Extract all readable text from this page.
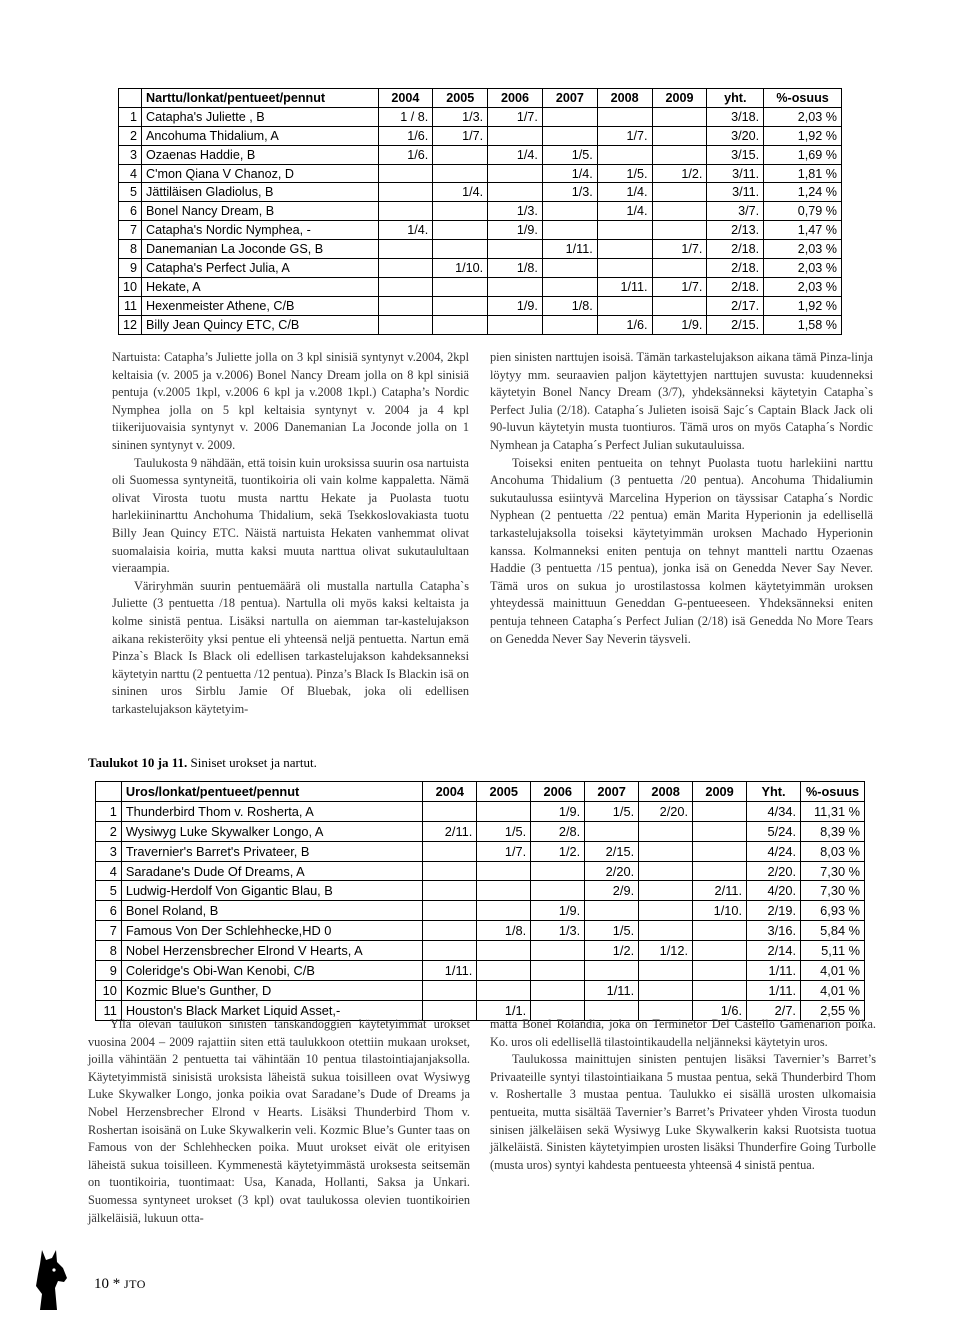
	Narttu/lonkat/pentueet/pennut	2004	2005	2006	2007	2008	2009	yht.	%-osuus
1	Catapha's Juliette , B	1 / 8.	1/3.	1/7.				3/18.	2,03 %
2	Ancohuma Thidalium, A	1/6.	1/7.			1/7.		3/20.	1,92 %
3	Ozaenas Haddie, B	1/6.		1/4.	1/5.			3/15.	1,69 %
4	C'mon Qiana V Chanoz, D				1/4.	1/5.	1/2.	3/11.	1,81 %
5	Jättiläisen Gladiolus, B		1/4.		1/3.	1/4.		3/11.	1,24 %
6	Bonel Nancy Dream, B			1/3.		1/4.		3/7.	0,79 %
7	Catapha's Nordic Nymphea, -	1/4.		1/9.				2/13.	1,47 %
8	Danemanian La Joconde GS, B				1/11.		1/7.	2/18.	2,03 %
9	Catapha's Perfect Julia, A		1/10.	1/8.				2/18.	2,03 %
10	Hekate, A					1/11.	1/7.	2/18.	2,03 %
11	Hexenmeister Athene, C/B			1/9.	1/8.			2/17.	1,92 %
12	Billy Jean Quincy ETC, C/B					1/6.	1/9.	2/15.	1,58 %

Nartuista: Catapha’s Juliette jolla on 3 kpl sinisiä syntynyt v.2004, 2kpl keltaisia (v. 2005 ja v.2006) Bonel Nancy Dream jolla on 8 kpl sinisiä pentuja (v.2005 1kpl, v.2006 6 kpl ja v.2008 1kpl.) Catapha’s Nordic Nymphea jolla on 5 kpl keltaisia syntynyt v. 2004 ja 4 kpl tiikerijuovaisia syntynyt v. 2006 Danemanian La Joconde jolla on 1 sininen syntynyt v. 2009.

Taulukosta 9 nähdään, että toisin kuin uroksissa suurin osa nartuista oli Suomessa syntyneitä, tuontikoiria oli vain kolme kappaletta. Nämä olivat Virosta tuotu musta narttu Hekate ja Puolasta tuotu harlekiininarttu Anchohuma Thidalium, sekä Tsekkoslovakiasta tuotu Billy Jean Quincy ETC. Näistä nartuista Hekaten vanhemmat olivat suomalaisia koiria, mutta kaksi muuta narttua olivat sukutaulultaan vieraampia.

Väriryhmän suurin pentuemäärä oli mustalla nartulla Catapha`s Juliette (3 pentuetta /18 pentua). Nartulla oli myös kaksi keltaista ja kolme sinistä pentua. Lisäksi nartulla on aiemman tar-kastelujakson aikana rekisteröity yksi pentue eli yhteensä neljä pentuetta. Nartun emä Pinza`s Black Is Black oli edellisen tarkastelujakson kahdeksanneksi käytetyin narttu (2 pentuetta /12 pentua). Pinza’s Black Is Blackin isä on sininen uros Sirblu Jamie Of Bluebak, joka oli edellisen tarkastelujakson käytetyim-

pien sinisten narttujen isoisä. Tämän tarkastelujakson aikana tämä Pinza-linja löytyy mm. seuraavien paljon käytettyjen narttujen suvusta: kuudenneksi käytetyin Bonel Nancy Dream (3/7), yhdeksänneksi käytetyin Catapha`s Perfect Julia (2/18). Catapha´s Julieten isoisä Sajc´s Captain Black Jack oli 90-luvun käytetyin musta tuontiuros. Tämä uros on myös Catapha´s Nordic Nymhean ja Catapha´s Perfect Julian sukutauluissa.

Toiseksi eniten pentueita on tehnyt Puolasta tuotu harlekiini narttu Ancohuma Thidalium (3 pentuetta /20 pentua). Ancohuma Thidaliumin sukutaulussa esiintyvä Marcelina Hyperion on täyssisar Catapha´s Nordic Nyphean (2 pentuetta /22 pentua) emän Marita Hyperionin ja edellisellä tarkastelujaksolla toiseksi käytetyimmän uroksen Machado Hyperionin kanssa. Kolmanneksi eniten pentuja on tehnyt mantteli narttu Ozaenas Haddie (3 pentuetta /15 pentua), jonka isä on Genedda Never Say Never. Tämä uros on sukua jo urostilastossa kolmen käytetyimmän uroksen yhteydessä mainittuun Geneddan G-pentueeseen. Yhdeksänneksi eniten pentuja tehneen Catapha´s Perfect Julian (2/18) isä Genedda No More Tears on Genedda Never Say Neverin täysveli.

Taulukot 10 ja 11. Siniset urokset ja nartut.
	Uros/lonkat/pentueet/pennut	2004	2005	2006	2007	2008	2009	Yht.	%-osuus
1	Thunderbird Thom v. Rosherta, A			1/9.	1/5.	2/20.		4/34.	11,31 %
2	Wysiwyg Luke Skywalker Longo, A	2/11.	1/5.	2/8.				5/24.	8,39 %
3	Travernier's Barret's Privateer, B		1/7.	1/2.	2/15.			4/24.	8,03 %
4	Saradane's Dude Of Dreams, A				2/20.			2/20.	7,30 %
5	Ludwig-Herdolf Von Gigantic Blau, B				2/9.		2/11.	4/20.	7,30 %
6	Bonel Roland, B			1/9.			1/10.	2/19.	6,93 %
7	Famous Von Der Schlehhecke,HD 0		1/8.	1/3.	1/5.			3/16.	5,84 %
8	Nobel Herzensbrecher Elrond V Hearts, A				1/2.	1/12.		2/14.	5,11 %
9	Coleridge's Obi-Wan Kenobi, C/B	1/11.						1/11.	4,01 %
10	Kozmic Blue's Gunther, D				1/11.			1/11.	4,01 %
11	Houston's Black Market Liquid Asset,-		1/1.				1/6.	2/7.	2,55 %

Yllä olevan taulukon sinisten tanskandoggien käytetyimmät urokset vuosina 2004 – 2009 rajattiin siten että taulukkoon otettiin mukaan urokset, joilla vähintään 2 pentuetta tai vähintään 10 pentua tilastointiajanjaksolla. Käytetyimmistä sinisistä uroksista läheistä sukua toisilleen ovat Wysiwyg Luke Skywalker Longo, jonka poikia ovat Saradane’s Dude of Dreams ja Nobel Herzensbrecher Elrond v Hearts. Lisäksi Thunderbird Thom v. Roshertan isoisänä on Luke Skywalkerin veli. Kozmic Blue’s Gunter taas on Famous von der Schlehhecken poika. Muut urokset eivät ole erityisen läheistä sukua toisilleen. Kymmenestä käytetyimmästä uroksesta seitsemän on tuontikoiria, tuontimaat: Usa, Kanada, Hollanti, Saksa ja Unkari. Suomessa syntyneet urokset (3 kpl) ovat taulukossa olevien tuontikoirien jälkeläisiä, lukuun otta-

matta Bonel Rolandia, joka on Terminetor Del Castello Gamenarion poika. Ko. uros oli edellisellä tilastointikaudella neljänneksi käytetyin uros.

Taulukossa mainittujen sinisten pentujen lisäksi Tavernier’s Barret’s Privaateille syntyi tilastointiaikana 5 mustaa pentua, sekä Thunderbird Thom v. Roshertalle 3 mustaa pentua. Taulukko ei sisällä urosten ulkomaisia pentueita, mutta sisältää Tavernier’s Barret’s Privateer yhden Virosta tuodun sinisen jälkeläisen sekä Wysiwyg Luke Skywalkerin kaksi Ruotsista tuotua jälkeläistä. Sinisten käytetyimpien urosten lisäksi Thunderfire Going Turbolle (musta uros) syntyi kahdesta pentueesta yhteensä 4 sinistä pentua.

10 * JTO
